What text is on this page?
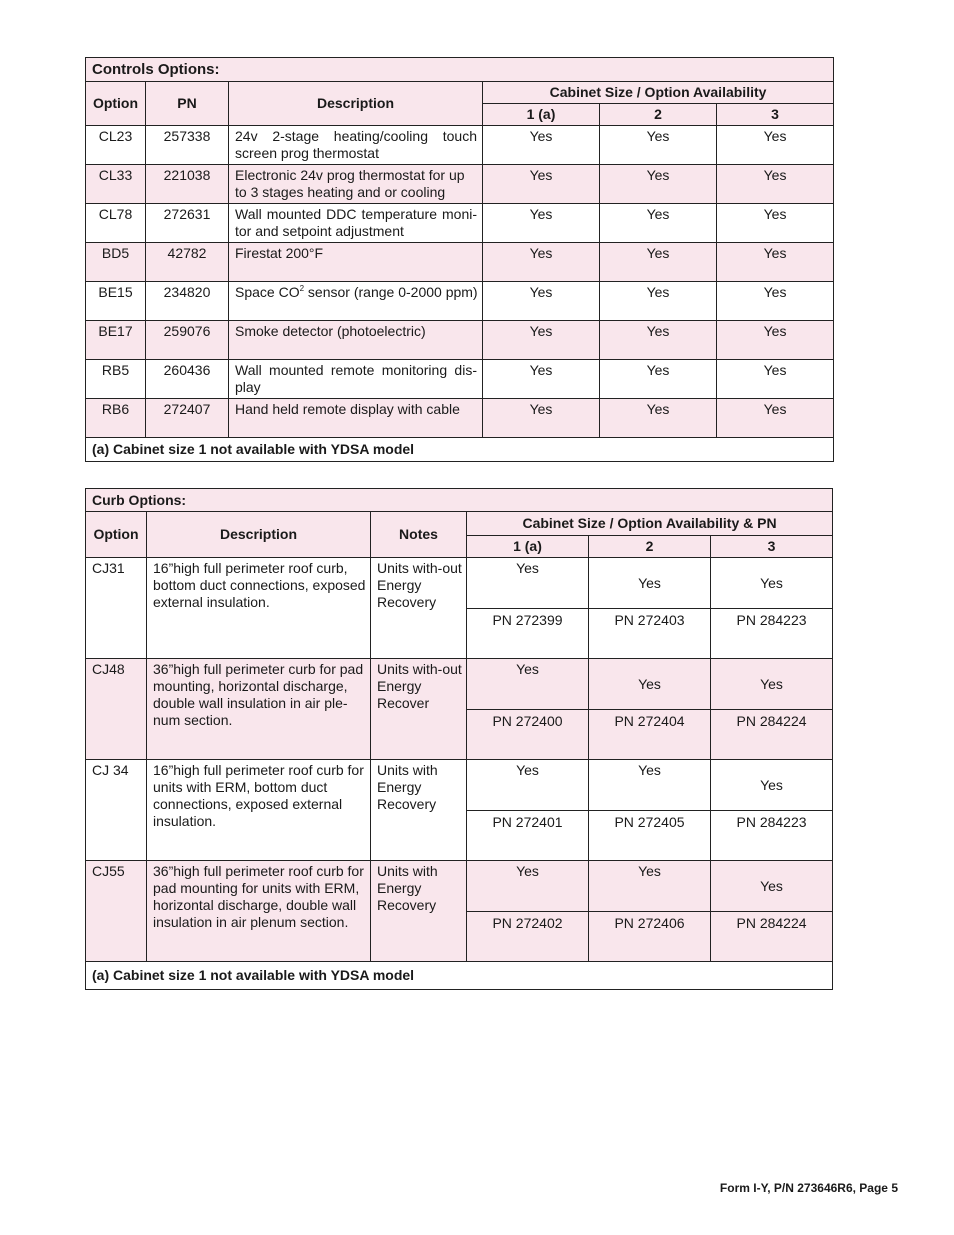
Controls Options:					
Option	PN	Description	Cabinet Size / Option Availability		
			1 (a)	2	3
CL23	257338	24v 2-stage heating/cooling touch screen prog thermostat	Yes	Yes	Yes
CL33	221038	Electronic 24v prog thermostat for up to 3 stages heating and or cooling	Yes	Yes	Yes
CL78	272631	Wall mounted DDC temperature moni-tor and setpoint adjustment	Yes	Yes	Yes
BD5	42782	Firestat 200°F	Yes	Yes	Yes
BE15	234820	Space $CO^2$ sensor (range 0-2000 ppm)	Yes	Yes	Yes
BE17	259076	Smoke detector (photoelectric)	Yes	Yes	Yes
RB5	260436	Wall mounted remote monitoring dis-play	Yes	Yes	Yes
RB6	272407	Hand held remote display with cable	Yes	Yes	Yes
(a) Cabinet size 1 not available with YDSA model					
Curb Options:					
Option	Description	Notes	Cabinet Size / Option Availability & PN		
			1 (a)	2	3
CJ31	16”high full perimeter roof curb, bottom duct connections, exposed external insulation.	Units with-out Energy Recovery	Yes	Yes	Yes
			PN 272399	PN 272403	PN 284223
CJ48	36”high full perimeter curb for pad mounting, horizontal discharge, double wall insulation in air ple-num section.	Units with-out Energy Recover	Yes	Yes	Yes
			PN 272400	PN 272404	PN 284224
CJ 34	16”high full perimeter roof curb for units with ERM, bottom duct connections, exposed external insulation.	Units with Energy Recovery	Yes	Yes	Yes
			PN 272401	PN 272405	PN 284223
CJ55	36”high full perimeter roof curb for pad mounting for units with ERM, horizontal discharge, double wall insulation in air plenum section.	Units with Energy Recovery	Yes	Yes	Yes
			PN 272402	PN 272406	PN 284224
(a) Cabinet size 1 not available with YDSA model					
Form I-Y, P/N 273646R6, Page 5
